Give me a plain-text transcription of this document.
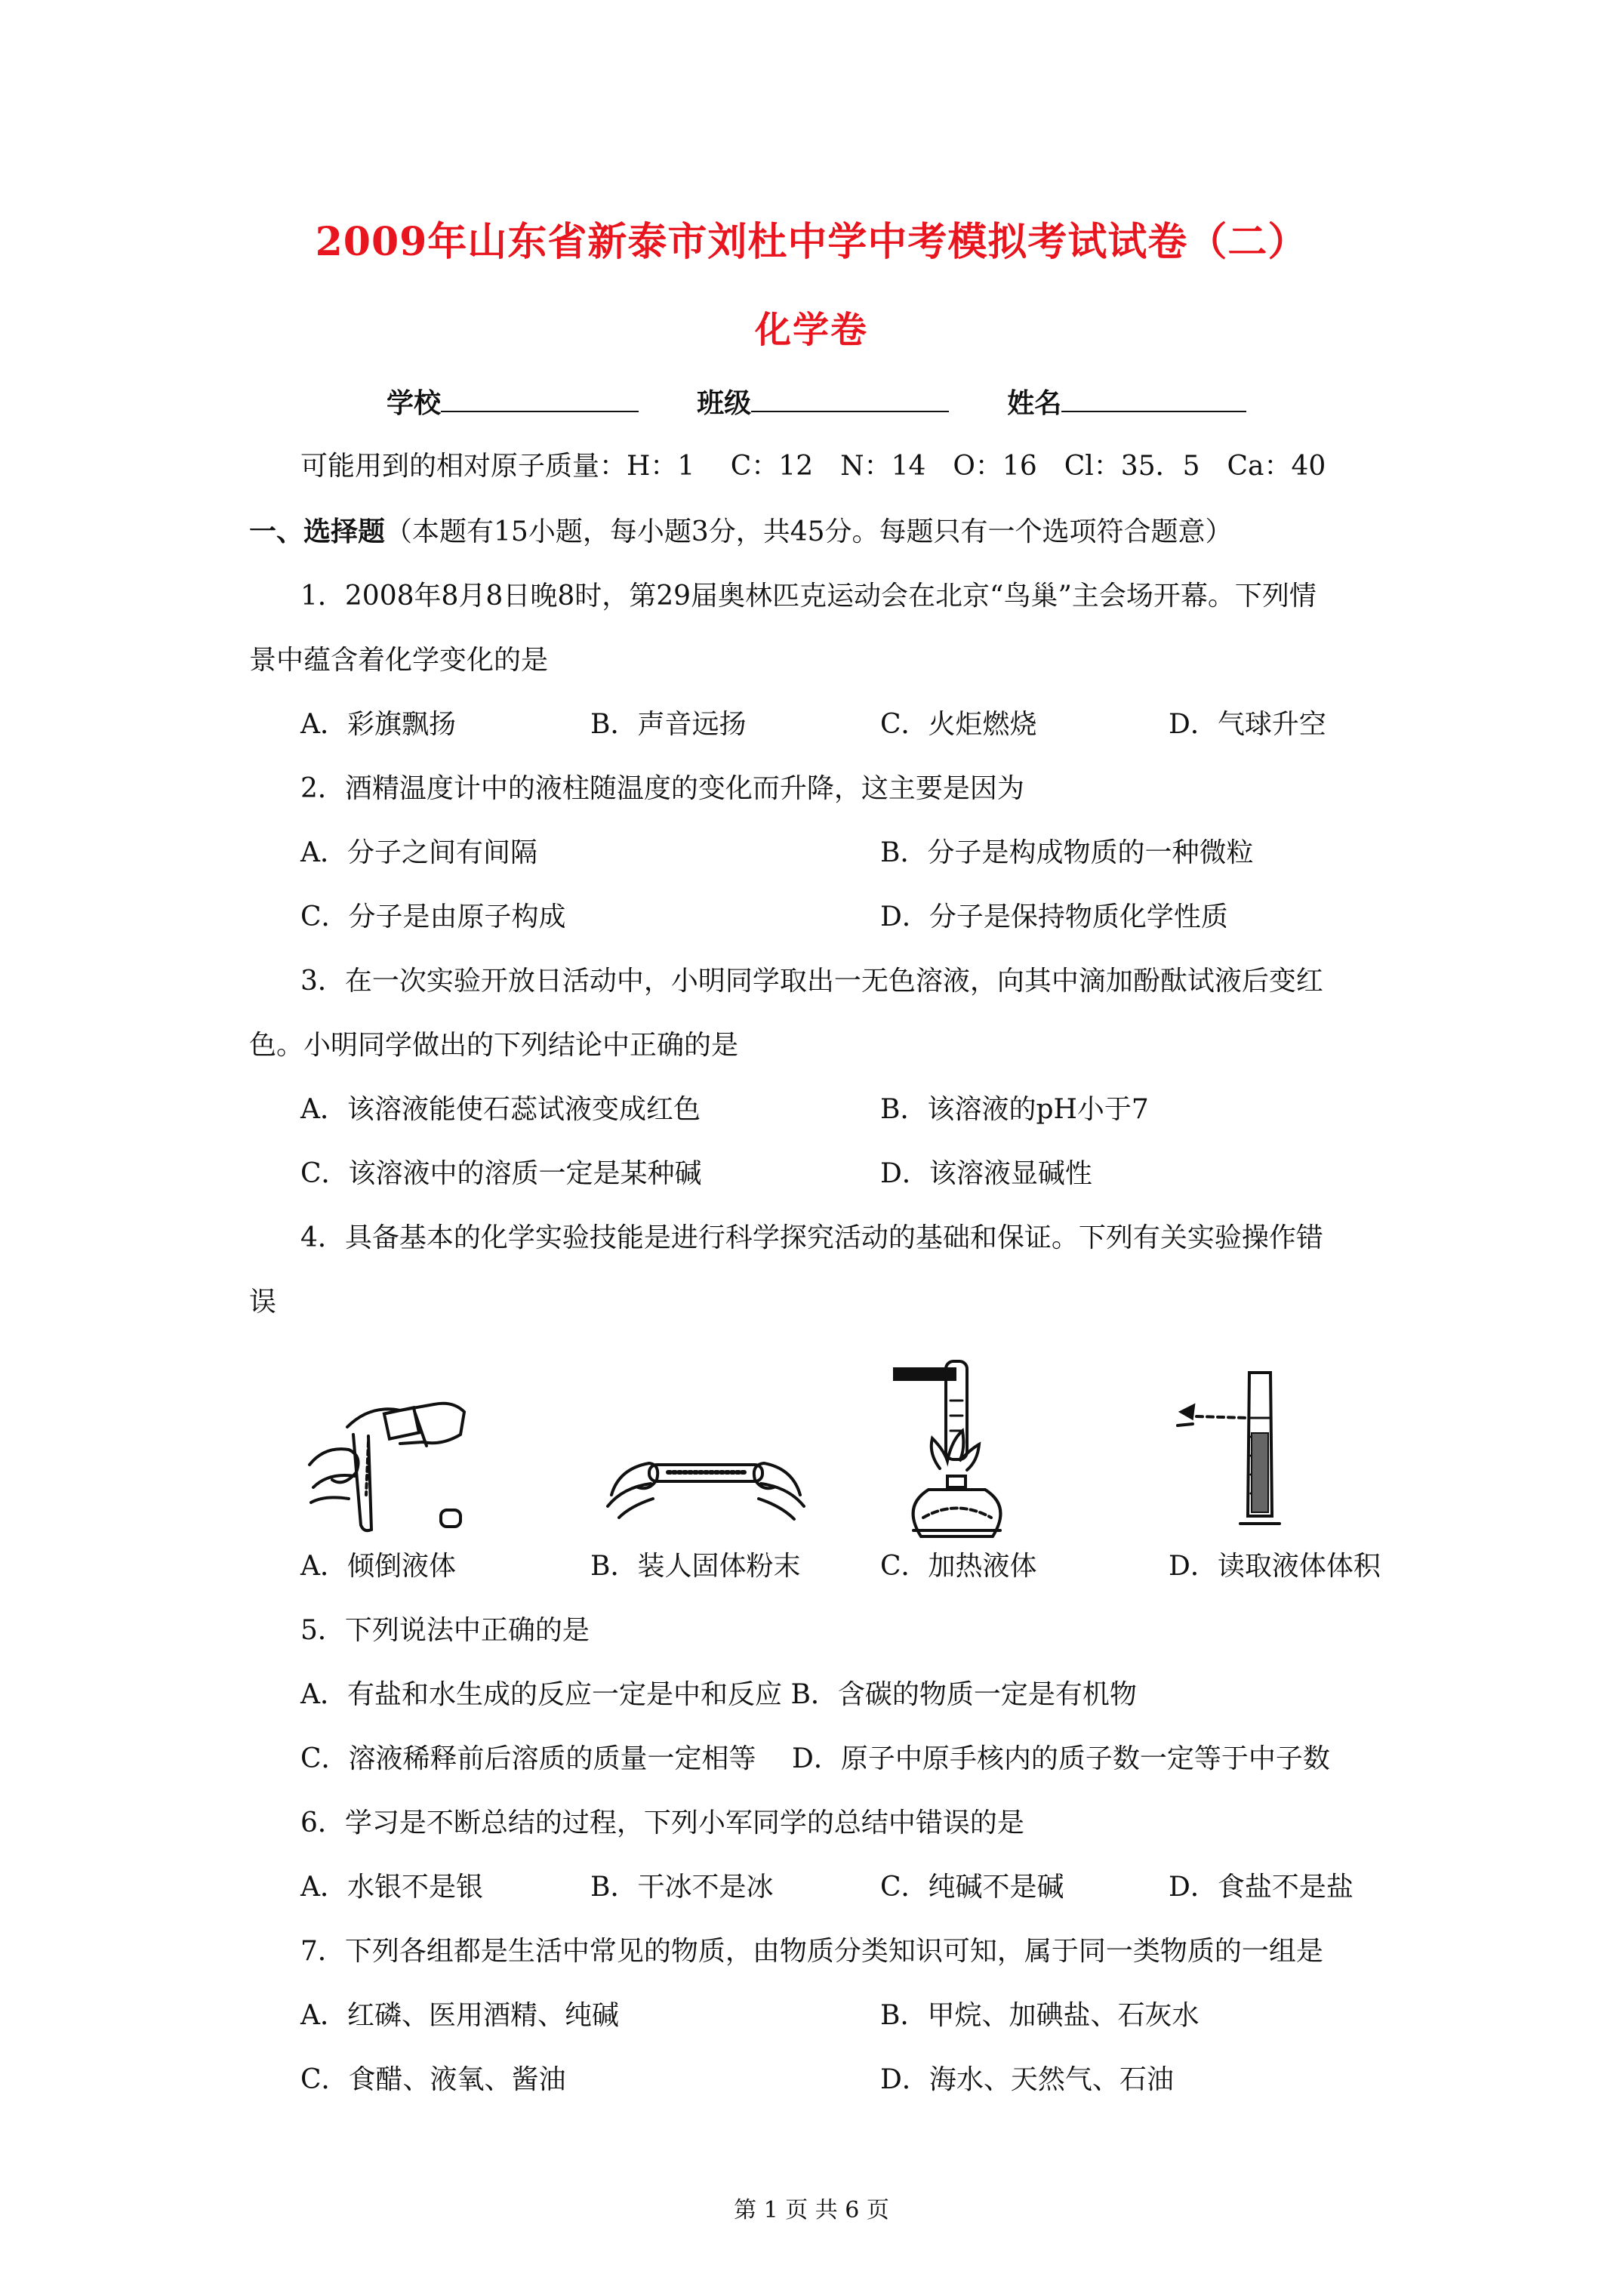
2009年山东省新泰市刘杜中学中考模拟考试试卷（二）
化学卷
学校	班级	姓名
可能用到的相对原子质量：H：1　 C：12　N：14　O：16　Cl：35．5　Ca：40
一、选择题（本题有15小题，每小题3分，共45分。每题只有一个选项符合题意）
1．2008年8月8日晚8时，第29届奥林匹克运动会在北京“鸟巢”主会场开幕。下列情
景中蕴含着化学变化的是
A．彩旗飘扬	B．声音远扬	C．火炬燃烧	D．气球升空
2．酒精温度计中的液柱随温度的变化而升降，这主要是因为
A．分子之间有间隔	B．分子是构成物质的一种微粒
C．分子是由原子构成	D．分子是保持物质化学性质
3．在一次实验开放日活动中，小明同学取出一无色溶液，向其中滴加酚酞试液后变红
色。小明同学做出的下列结论中正确的是
A．该溶液能使石蕊试液变成红色	B．该溶液的pH小于7
C．该溶液中的溶质一定是某种碱	D．该溶液显碱性
4．具备基本的化学实验技能是进行科学探究活动的基础和保证。下列有关实验操作错
误
A．倾倒液体	B．装人固体粉末	C．加热液体	D．读取液体体积
5．下列说法中正确的是
A．有盐和水生成的反应一定是中和反应 B．含碳的物质一定是有机物
C．溶液稀释前后溶质的质量一定相等　 D．原子中原手核内的质子数一定等于中子数
6．学习是不断总结的过程，下列小军同学的总结中错误的是
A．水银不是银	B．干冰不是冰	C．纯碱不是碱	D．食盐不是盐
7．下列各组都是生活中常见的物质，由物质分类知识可知，属于同一类物质的一组是
A．红磷、医用酒精、纯碱	B．甲烷、加碘盐、石灰水
C．食醋、液氧、酱油	D．海水、天然气、石油
第 1 页 共 6 页
